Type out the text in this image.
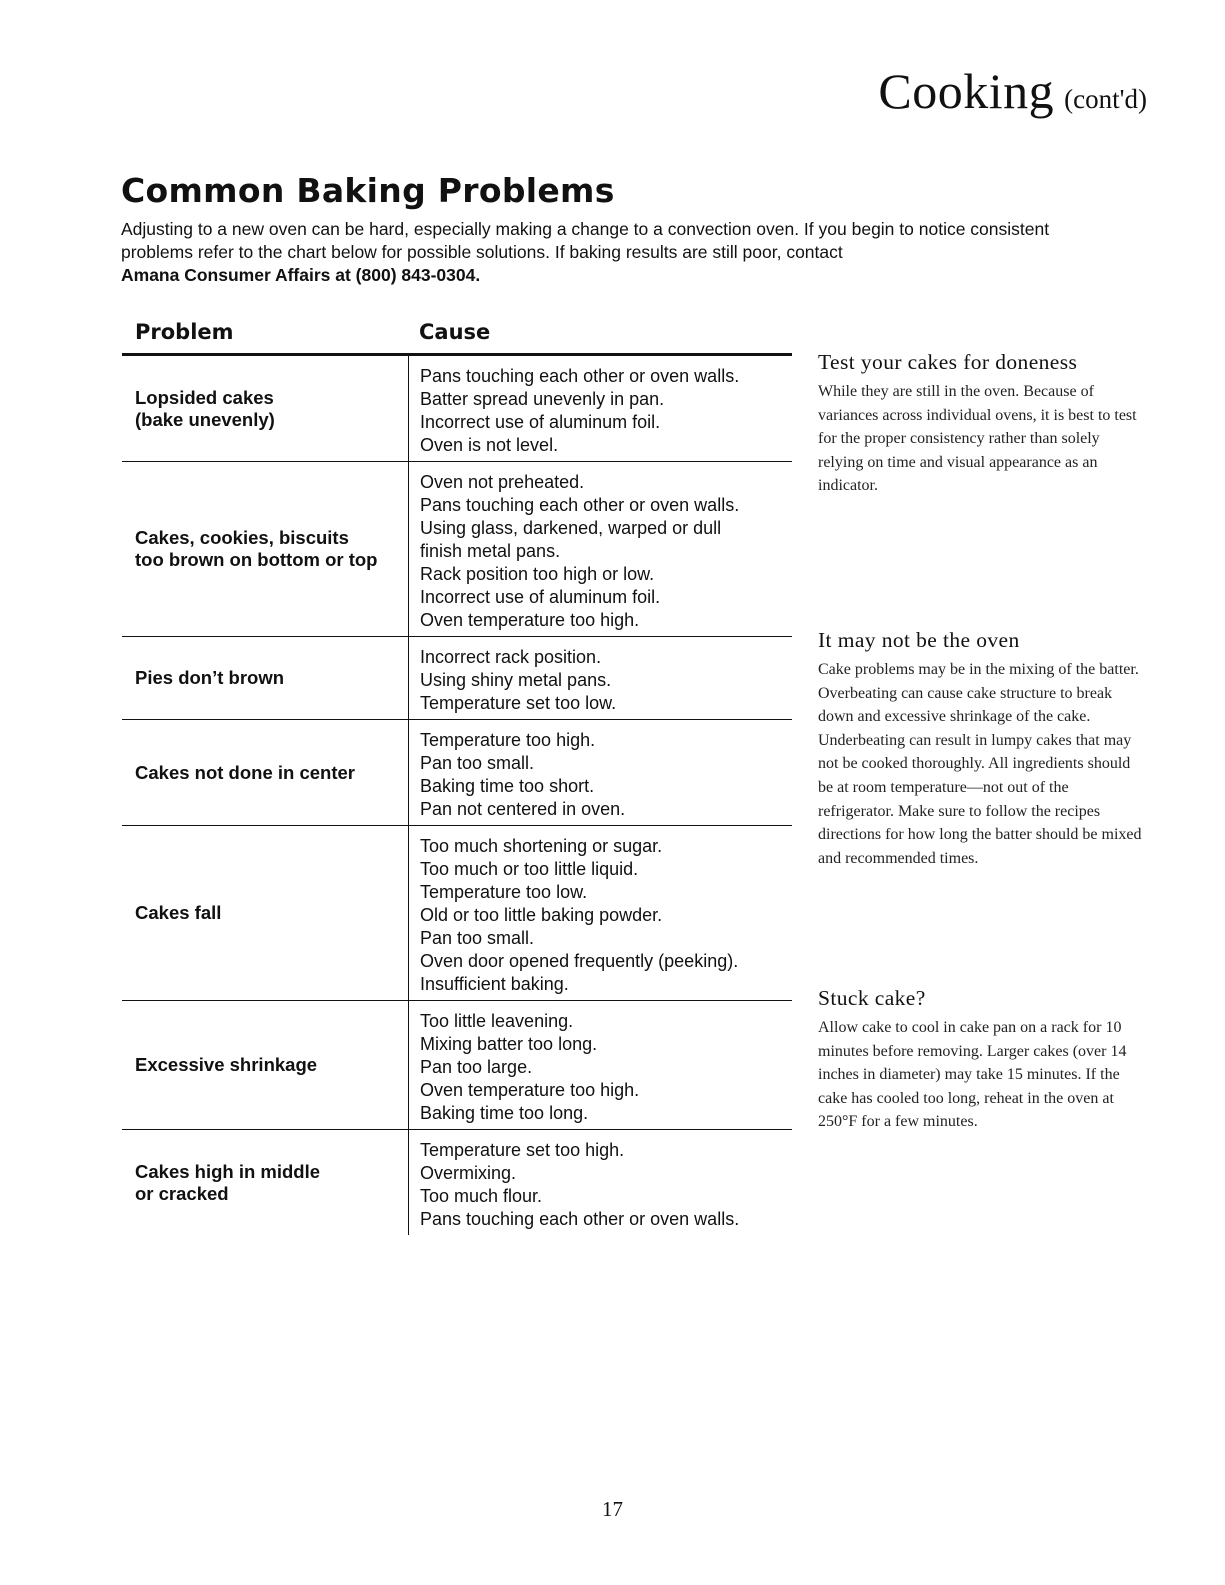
Cooking (cont'd)
Common Baking Problems
Adjusting to a new oven can be hard, especially making a change to a convection oven. If you begin to notice consistent problems refer to the chart below for possible solutions. If baking results are still poor, contact
Amana Consumer Affairs at (800) 843-0304.
Problem	Cause
Lopsided cakes
(bake unevenly)
Pans touching each other or oven walls.
Batter spread unevenly in pan.
Incorrect use of aluminum foil.
Oven is not level.
Cakes, cookies, biscuits
too brown on bottom or top
Oven not preheated.
Pans touching each other or oven walls.
Using glass, darkened, warped or dull
finish metal pans.
Rack position too high or low.
Incorrect use of aluminum foil.
Oven temperature too high.
Pies don’t brown
Incorrect rack position.
Using shiny metal pans.
Temperature set too low.
Cakes not done in center
Temperature too high.
Pan too small.
Baking time too short.
Pan not centered in oven.
Cakes fall
Too much shortening or sugar.
Too much or too little liquid.
Temperature too low.
Old or too little baking powder.
Pan too small.
Oven door opened frequently (peeking).
Insufficient baking.
Excessive shrinkage
Too little leavening.
Mixing batter too long.
Pan too large.
Oven temperature too high.
Baking time too long.
Cakes high in middle
or cracked
Temperature set too high.
Overmixing.
Too much flour.
Pans touching each other or oven walls.
Test your cakes for doneness

While they are still in the oven. Because of variances across individual ovens, it is best to test for the proper consistency rather than solely relying on time and visual appearance as an indicator.

It may not be the oven

Cake problems may be in the mixing of the batter. Overbeating can cause cake structure to break down and excessive shrinkage of the cake. Underbeating can result in lumpy cakes that may not be cooked thoroughly. All ingredients should be at room temperature—not out of the refrigerator. Make sure to follow the recipes directions for how long the batter should be mixed and recommended times.

Stuck cake?

Allow cake to cool in cake pan on a rack for 10 minutes before removing. Larger cakes (over 14 inches in diameter) may take 15 minutes. If the cake has cooled too long, reheat in the oven at 250°F for a few minutes.

17
